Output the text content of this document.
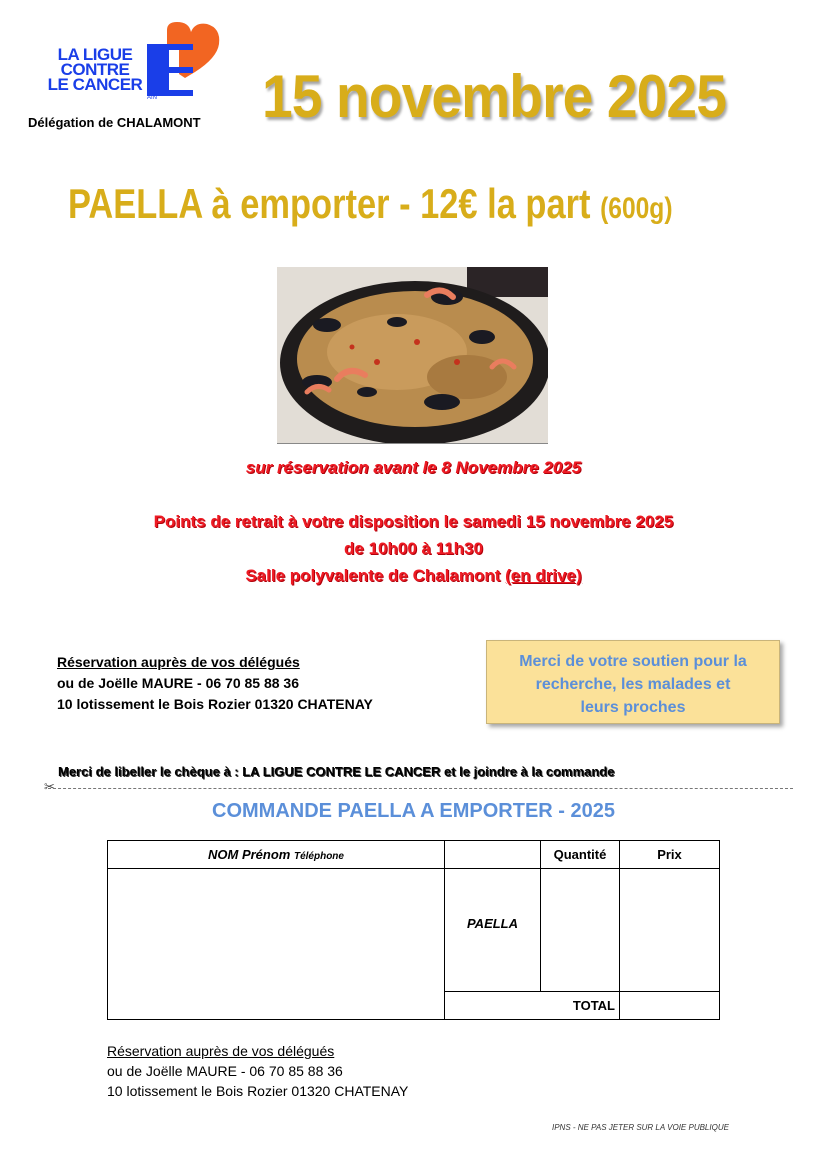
LA LIGUE
CONTRE
LE CANCER
AIN
Délégation de CHALAMONT 15 novembre 2025
PAELLA à emporter - 12€ la part (600g)
sur réservation avant le 8 Novembre 2025
Points de retrait à votre disposition le samedi 15 novembre 2025
de 10h00 à 11h30
Salle polyvalente de Chalamont (en drive)
Réservation auprès de vos délégués
ou de Joëlle MAURE - 06 70 85 88 36
10 lotissement le Bois Rozier 01320 CHATENAY
Merci de votre soutien pour la
recherche, les malades et
leurs proches
Merci de libeller le chèque à : LA LIGUE CONTRE LE CANCER et le joindre à la commande
✂
COMMANDE PAELLA A EMPORTER - 2025
NOM Prénom Téléphone	Quantité	Prix
PAELLA
TOTAL
Réservation auprès de vos délégués
ou de Joëlle MAURE - 06 70 85 88 36
10 lotissement le Bois Rozier 01320 CHATENAY
IPNS - NE PAS JETER SUR LA VOIE PUBLIQUE
